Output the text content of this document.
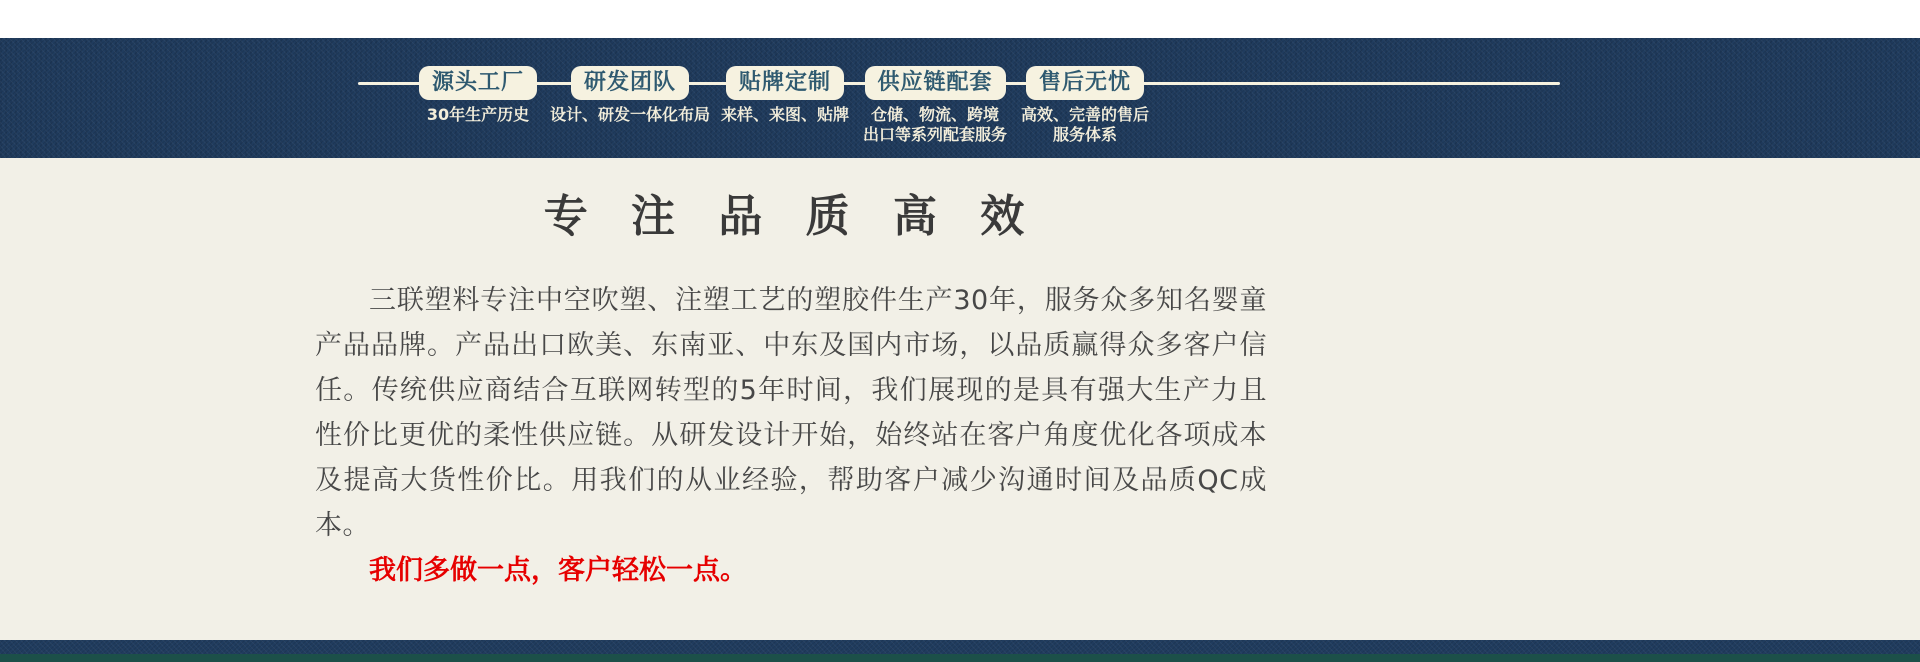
源头工厂
30年生产历史
研发团队
设计、研发一体化布局
贴牌定制
来样、来图、贴牌
供应链配套
仓储、物流、跨境
出口等系列配套服务
售后无忧
高效、完善的售后
服务体系
专 注 品 质 高 效
三联塑料专注中空吹塑、注塑工艺的塑胶件生产30年，服务众多知名婴童产品品牌。产品出口欧美、东南亚、中东及国内市场，以品质赢得众多客户信任。传统供应商结合互联网转型的5年时间，我们展现的是具有强大生产力且性价比更优的柔性供应链。从研发设计开始，始终站在客户角度优化各项成本及提高大货性价比。用我们的从业经验，帮助客户减少沟通时间及品质QC成本。
我们多做一点，客户轻松一点。
